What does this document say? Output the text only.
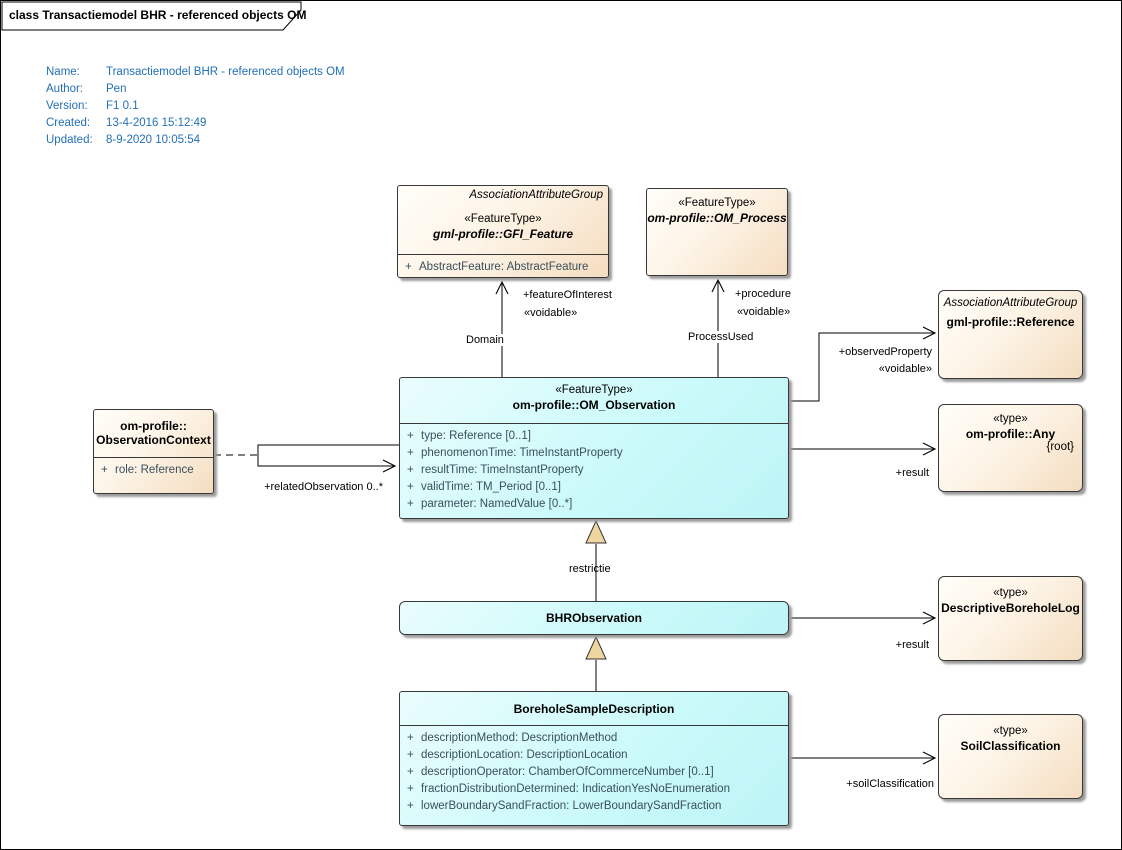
class Transactiemodel BHR - referenced objects OM
Name:	Transactiemodel BHR - referenced objects OM
Author:	Pen
Version:	F1 0.1
Created:	13-4-2016 15:12:49
Updated:	8-9-2020 10:05:54
AssociationAttributeGroup
«FeatureType»
gml-profile::GFI_Feature
+ AbstractFeature: AbstractFeature
«FeatureType»
om-profile::OM_Process
AssociationAttributeGroup
gml-profile::Reference
«type»
om-profile::Any
{root}
«FeatureType»
om-profile::OM_Observation
+ type: Reference [0..1]
+ phenomenonTime: TimeInstantProperty
+ resultTime: TimeInstantProperty
+ validTime: TM_Period [0..1]
+ parameter: NamedValue [0..*]
om-profile::
ObservationContext
+ role: Reference
BHRObservation
«type»
DescriptiveBoreholeLog
BoreholeSampleDescription
+ descriptionMethod: DescriptionMethod
+ descriptionLocation: DescriptionLocation
+ descriptionOperator: ChamberOfCommerceNumber [0..1]
+ fractionDistributionDetermined: IndicationYesNoEnumeration
+ lowerBoundarySandFraction: LowerBoundarySandFraction
«type»
SoilClassification
+featureOfInterest
«voidable»
Domain
+procedure
«voidable»
ProcessUsed
+observedProperty
«voidable»
+result
+relatedObservation 0..*
restrictie
+result
+soilClassification
